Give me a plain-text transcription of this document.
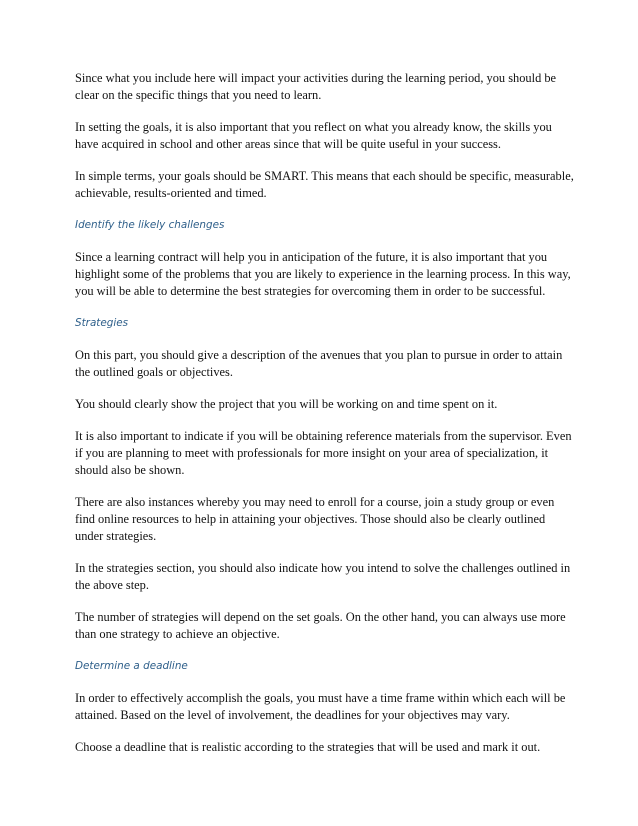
Since what you include here will impact your activities during the learning period, you should be clear on the specific things that you need to learn.

In setting the goals, it is also important that you reflect on what you already know, the skills you have acquired in school and other areas since that will be quite useful in your success.

In simple terms, your goals should be SMART. This means that each should be specific, measurable, achievable, results-oriented and timed.

Identify the likely challenges

Since a learning contract will help you in anticipation of the future, it is also important that you highlight some of the problems that you are likely to experience in the learning process. In this way, you will be able to determine the best strategies for overcoming them in order to be successful.

Strategies

On this part, you should give a description of the avenues that you plan to pursue in order to attain the outlined goals or objectives.

You should clearly show the project that you will be working on and time spent on it.

It is also important to indicate if you will be obtaining reference materials from the supervisor. Even if you are planning to meet with professionals for more insight on your area of specialization, it should also be shown.

There are also instances whereby you may need to enroll for a course, join a study group or even find online resources to help in attaining your objectives. Those should also be clearly outlined under strategies.

In the strategies section, you should also indicate how you intend to solve the challenges outlined in the above step.

The number of strategies will depend on the set goals. On the other hand, you can always use more than one strategy to achieve an objective.

Determine a deadline

In order to effectively accomplish the goals, you must have a time frame within which each will be attained. Based on the level of involvement, the deadlines for your objectives may vary.

Choose a deadline that is realistic according to the strategies that will be used and mark it out.
